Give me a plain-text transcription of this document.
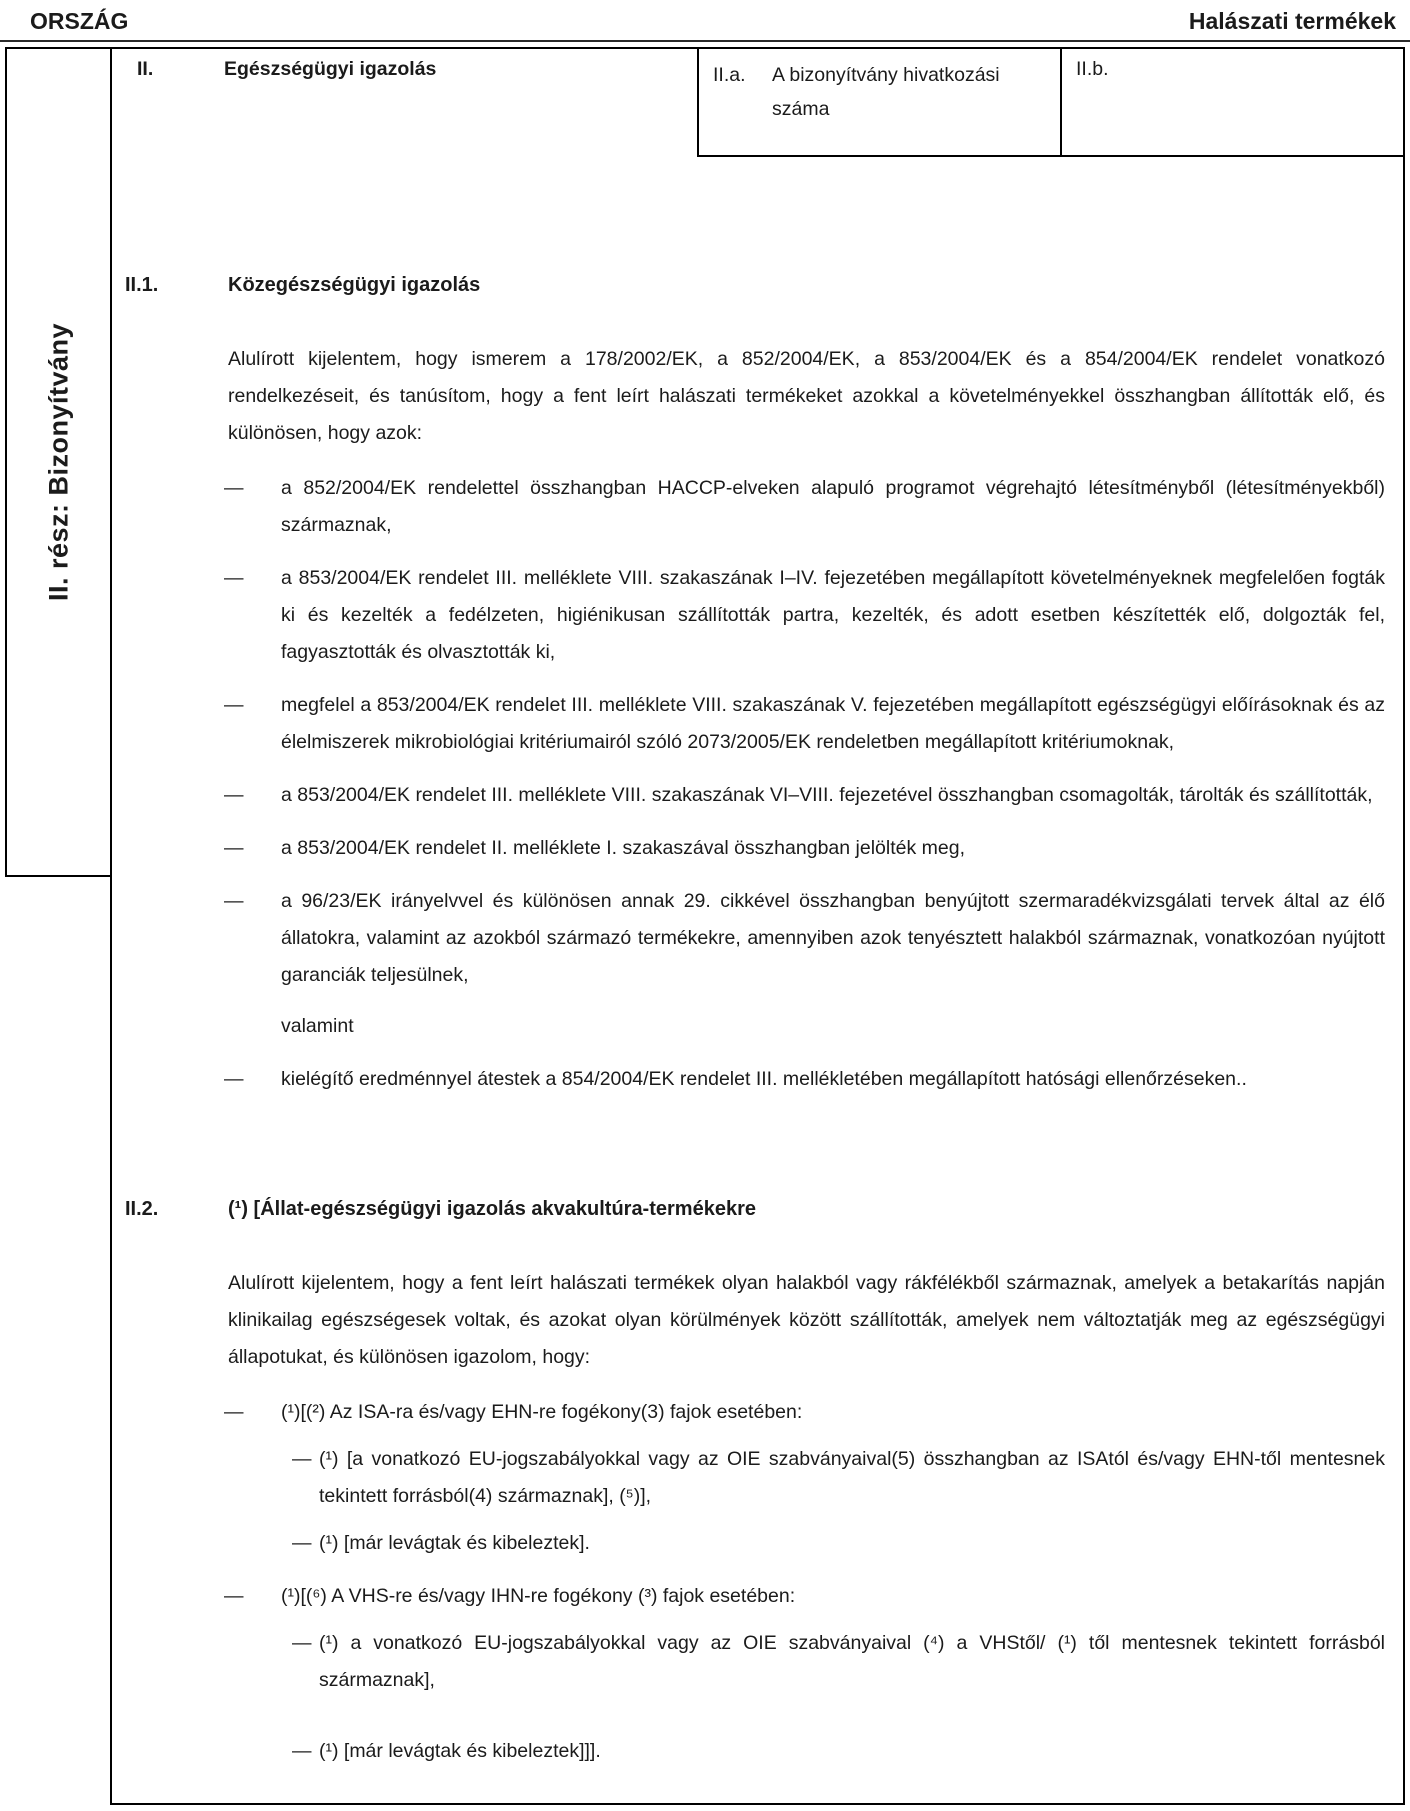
ORSZÁG	Halászati termékek
II. rész: Bizonyítvány
II.	Egészségügyi igazolás	II.a.	A bizonyítvány hivatkozási száma
II.b.
II.1.	Közegészségügyi igazolás
Alulírott kijelentem, hogy ismerem a 178/2002/EK, a 852/2004/EK, a 853/2004/EK és a 854/2004/EK rendelet vonatkozó rendelkezéseit, és tanúsítom, hogy a fent leírt halászati termékeket azokkal a követelményekkel összhangban állították elő, és különösen, hogy azok:
—	a 852/2004/EK rendelettel összhangban HACCP-elveken alapuló programot végrehajtó létesítményből (létesítményekből) származnak,
—	a 853/2004/EK rendelet III. melléklete VIII. szakaszának I–IV. fejezetében megállapított követelményeknek megfelelően fogták ki és kezelték a fedélzeten, higiénikusan szállították partra, kezelték, és adott esetben készítették elő, dolgozták fel, fagyasztották és olvasztották ki,
—	megfelel a 853/2004/EK rendelet III. melléklete VIII. szakaszának V. fejezetében megállapított egészségügyi előírásoknak és az élelmiszerek mikrobiológiai kritériumairól szóló 2073/2005/EK rendeletben megállapított kritériumoknak,
—	a 853/2004/EK rendelet III. melléklete VIII. szakaszának VI–VIII. fejezetével összhangban csomagolták, tárolták és szállították,
—	a 853/2004/EK rendelet II. melléklete I. szakaszával összhangban jelölték meg,
—	a 96/23/EK irányelvvel és különösen annak 29. cikkével összhangban benyújtott szermaradékvizsgálati tervek által az élő állatokra, valamint az azokból származó termékekre, amennyiben azok tenyésztett halakból származnak, vonatkozóan nyújtott garanciák teljesülnek,
valamint
—	kielégítő eredménnyel átestek a 854/2004/EK rendelet III. mellékletében megállapított hatósági ellenőrzéseken..
II.2.	(¹) [Állat-egészségügyi igazolás akvakultúra-termékekre
Alulírott kijelentem, hogy a fent leírt halászati termékek olyan halakból vagy rákfélékből származnak, amelyek a betakarítás napján klinikailag egészségesek voltak, és azokat olyan körülmények között szállították, amelyek nem változtatják meg az egészségügyi állapotukat, és különösen igazolom, hogy:
—	(¹)[(²) Az ISA-ra és/vagy EHN-re fogékony(3) fajok esetében:
— (¹) [a vonatkozó EU-jogszabályokkal vagy az OIE szabványaival(5) összhangban az ISAtól és/vagy EHN-től mentesnek tekintett forrásból(4) származnak], (⁵)],
— (¹) [már levágtak és kibeleztek].
—	(¹)[(⁶) A VHS-re és/vagy IHN-re fogékony (³) fajok esetében:
— (¹) a vonatkozó EU-jogszabályokkal vagy az OIE szabványaival (⁴) a VHStől/ (¹) től mentesnek tekintett forrásból származnak],
— (¹) [már levágtak és kibeleztek]]].
